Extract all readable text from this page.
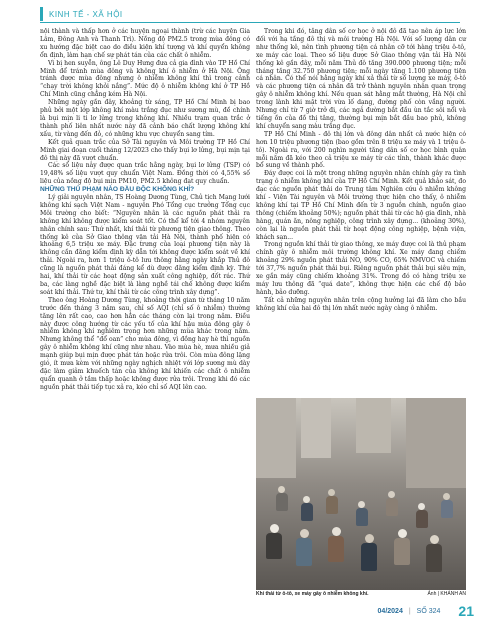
KINH TẾ - XÃ HỘI

nội thành và thấp hơn ở các huyện ngoại thành (trừ các huyện Gia Lâm, Đông Anh và Thanh Trì). Nồng độ PM2.5 trong mùa đông có xu hướng đặc biệt cao do điều kiện khí tượng và khí quyển không ổn định, làm hạn chế sự phát tán của các chất ô nhiễm.

Vì bị hen suyễn, ông Lê Duy Hưng đưa cả gia đình vào TP Hồ Chí Minh để tránh mùa đông và không khí ô nhiễm ở Hà Nội. Ông tránh được mùa đông nhưng ô nhiễm không khí thì trong cảnh “chạy trời không khỏi nắng”. Mức độ ô nhiễm không khí ở TP Hồ Chí Minh cũng chẳng kém Hà Nội.

Những ngày gần đây, khoảng từ sáng, TP Hồ Chí Minh bị bao phủ bởi một lớp không khí màu trắng đục như sương mù, đề chính là bụi mịn li ti lơ lửng trong không khí. Nhiều trạm quan trắc ở thành phố liên nhất nước này đã cảnh báo chất lượng không khí xấu, từ vàng đến đỏ, có những khu vực chuyển sang tím.

Kết quả quan trắc của Sở Tài nguyên và Môi trường TP Hồ Chí Minh giai đoạn cuối tháng 12/2023 cho thấy bụi lơ lửng, bụi mịn tại đô thị này đã vượt chuẩn.

Các số liệu này được quan trắc hằng ngày, bụi lơ lửng (TSP) có 19,48% số liệu vượt quy chuẩn Việt Nam. Đồng thời có 4,55% số liệu của nồng độ bụi mịn PM10, PM2.5 không đạt quy chuẩn.

NHỮNG THỦ PHẠM NÀO ĐẦU ĐỘC KHÔNG KHÍ?

Lý giải nguyên nhân, TS Hoàng Dương Tùng, Chủ tịch Mạng lưới không khí sạch Việt Nam - nguyên Phó Tổng cục trưởng Tổng cục Môi trường cho biết: “Nguyên nhân là các nguồn phát thải ra không khí không được kiểm soát tốt. Có thể kể tới 4 nhóm nguyên nhân chính sau: Thứ nhất, khí thải từ phương tiện giao thông. Theo thống kê của Sở Giao thông vận tải Hà Nội, thành phố hiện có khoảng 6,5 triệu xe máy. Đặc trưng của loại phương tiện này là không cần đăng kiểm định kỳ dẫn tới không được kiểm soát về khí thải. Ngoài ra, hơn 1 triệu ô-tô lưu thông hằng ngày khắp Thủ đô cũng là nguồn phát thải đáng kể dù được đăng kiểm định kỳ. Thứ hai, khí thải từ các hoạt động sản xuất công nghiệp, đốt rác. Thứ ba, các làng nghề đặc biệt là làng nghề tái chế không được kiểm soát khí thải. Thứ tư, khí thải từ các công trình xây dựng”.

Theo ông Hoàng Dương Tùng, khoảng thời gian từ tháng 10 năm trước đến tháng 3 năm sau, chỉ số AQI (chỉ số ô nhiễm) thường tăng lên rất cao, cao hơn hẳn các tháng còn lại trong năm. Điều này được công hướng từ các yếu tố của khí hậu mùa đông gây ô nhiễm không khí nghiêm trọng hơn những mùa khác trong năm. Nhưng không thể “đổ oan” cho mùa đông, vì đồng hay hè thì nguồn gây ô nhiễm không khí cũng như nhau. Vào mùa hè, mưa nhiều giả mạnh giúp bụi mịn được phát tán hoặc rửa trôi. Còn mùa đông lặng gió, ít mưa kèm với những ngày nghịch nhiệt với lớp sương mù dày đặc làm giảm khuếch tán của không khí khiến các chất ô nhiễm quẩn quanh ở tầm thấp hoặc không được rửa trôi. Trong khi đó các nguồn phát thải tiếp tục xả ra, kéo chỉ số AQI lên cao.

Trong khi đó, tăng dân số cơ học ở nội đô đã tạo nên áp lực lớn đối với hạ tầng đô thị và môi trường Hà Nội. Với số lượng dân cư như thống kê, nên tình phương tiện cá nhân cỡ tới hàng triệu ô-tô, xe máy các loại. Theo số liệu được Sở Giao thông vận tải Hà Nội thống kê gần đây, mỗi năm Thủ đô tăng 390.000 phương tiện; mỗi tháng tăng 32.750 phương tiện; mỗi ngày tăng 1.100 phương tiện cá nhân. Có thể nói hằng ngày khí xả thải từ số lượng xe máy, ô-tô và các phương tiện cá nhân đã trở thành nguyên nhân quan trọng gây ô nhiễm không khí. Nếu quan sát hằng mắt thường, Hà Nội chỉ trong lành khi mặt trời vừa lố dạng, đường phố còn vắng người. Nhưng chỉ từ 7 giờ trở đi, các ngả đường bắt đầu ùn tắc sôi nổi và tiếng ồn của đồ thị tăng, thường bụi mịn bắt đầu bao phủ, không khí chuyển sang màu trắng đục.

TP Hồ Chí Minh - đô thị lớn và đông dân nhất cả nước hiện có hơn 10 triệu phương tiện (bao gồm trên 8 triệu xe máy và 1 triệu ô-tô). Ngoài ra, với 200 nghìn người tăng dân số cơ học bình quân mỗi năm đã kéo theo cả triệu xe máy từ các tỉnh, thành khác được bổ sung về thành phố.

Đáy được coi là một trong những nguyên nhân chính gây ra tình trạng ô nhiễm không khí của TP Hồ Chí Minh. Kết quả khảo sát, đo đạc các nguồn phát thải do Trung tâm Nghiên cứu ô nhiễm không khí - Viện Tài nguyên và Môi trường thực hiện cho thấy, ô nhiễm không khí tại TP Hồ Chí Minh đến từ 3 nguồn chính, nguồn giao thông (chiếm khoảng 50%); nguồn phát thải từ các hộ gia đình, nhà hàng, quán ăn, nông nghiệp, công trình xây dựng... (khoảng 30%), còn lại là nguồn phát thải từ hoạt động công nghiệp, bệnh viện, khách sạn...

Trong nguồn khí thải từ giao thông, xe máy được coi là thủ phạm chính gây ô nhiễm môi trường không khí. Xe máy đang chiếm khoảng 29% nguồn phát thải NO, 90% CO, 65% NMVOC và chiếm tới 37,7% nguồn phát thải bụi. Riêng nguồn phát thải bụi siêu mịn, xe gắn máy cũng chiếm khoảng 31%. Trong đó có hàng triệu xe máy lưu thông đã “quá date”, không thực hiện các chế độ bảo hành, bảo dưỡng.

Tất cả những nguyên nhân trên cộng hưởng lại đã làm cho bầu không khí của hai đô thị lớn nhất nước ngày càng ô nhiễm.

Khí thải từ ô-tô, xe máy gây ô nhiễm không khí.	Ảnh | KHÁNH AN
04/2024 | SỐ 324 21
